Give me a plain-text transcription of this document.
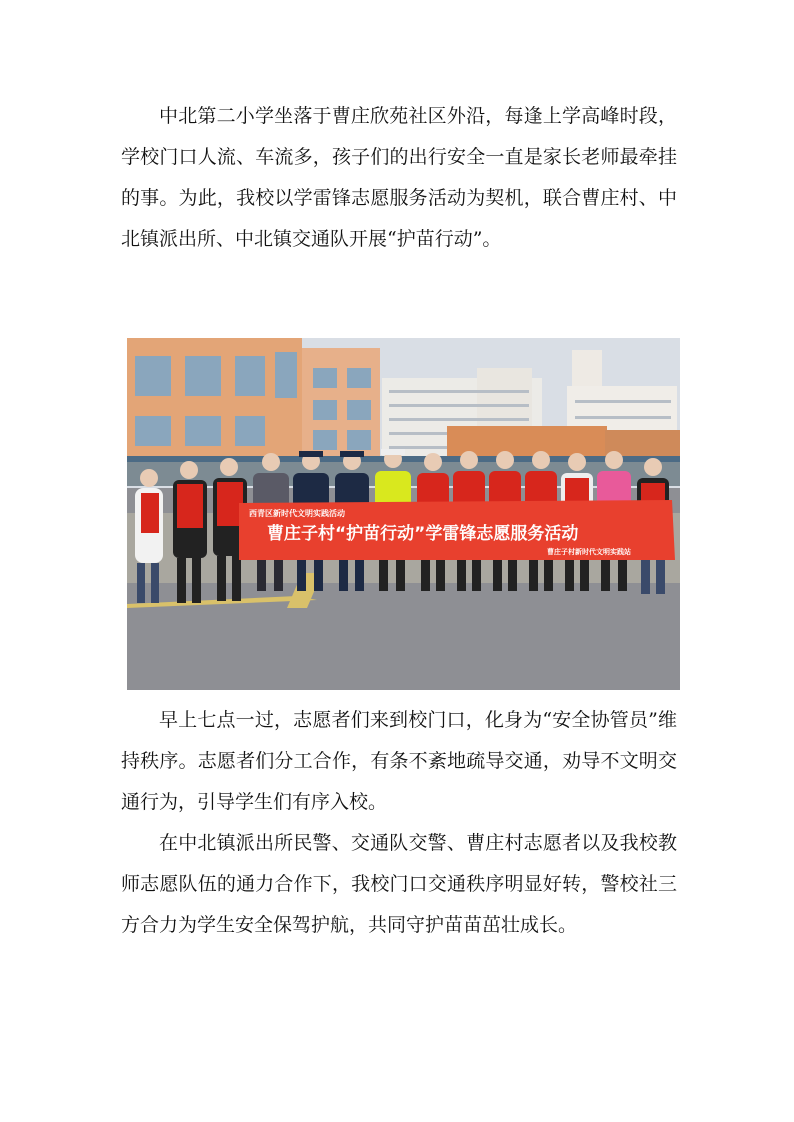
中北第二小学坐落于曹庄欣苑社区外沿，每逢上学高峰时段，学校门口人流、车流多，孩子们的出行安全一直是家长老师最牵挂的事。为此，我校以学雷锋志愿服务活动为契机，联合曹庄村、中北镇派出所、中北镇交通队开展“护苗行动”。

西青区新时代文明实践活动
曹庄子村“护苗行动”学雷锋志愿服务活动
曹庄子村新时代文明实践站

早上七点一过，志愿者们来到校门口，化身为“安全协管员”维持秩序。志愿者们分工合作，有条不紊地疏导交通，劝导不文明交通行为，引导学生们有序入校。

在中北镇派出所民警、交通队交警、曹庄村志愿者以及我校教师志愿队伍的通力合作下，我校门口交通秩序明显好转，警校社三方合力为学生安全保驾护航，共同守护苗苗茁壮成长。
